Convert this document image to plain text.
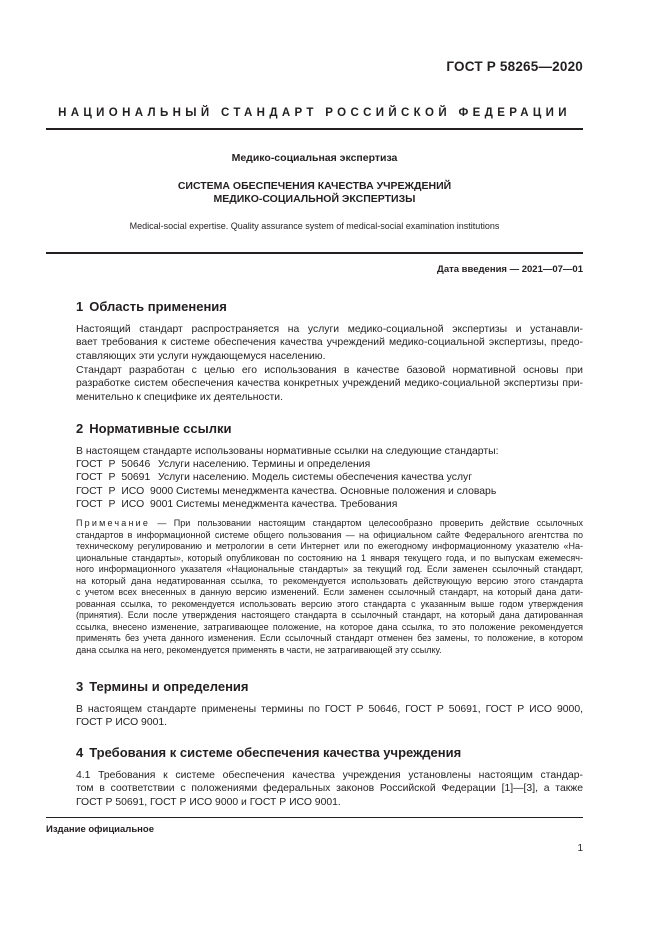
ГОСТ Р 58265—2020
НАЦИОНАЛЬНЫЙ СТАНДАРТ РОССИЙСКОЙ ФЕДЕРАЦИИ
Медико-социальная экспертиза
СИСТЕМА ОБЕСПЕЧЕНИЯ КАЧЕСТВА УЧРЕЖДЕНИЙ
МЕДИКО-СОЦИАЛЬНОЙ ЭКСПЕРТИЗЫ
Medical-social expertise. Quality assurance system of medical-social examination institutions
Дата введения — 2021—07—01
1 Область применения
Настоящий стандарт распространяется на услуги медико-социальной экспертизы и устанавли-
вает требования к системе обеспечения качества учреждений медико-социальной экспертизы, предо-
ставляющих эти услуги нуждающемуся населению.
Стандарт разработан с целью его использования в качестве базовой нормативной основы при
разработке систем обеспечения качества конкретных учреждений медико-социальной экспертизы при-
менительно к специфике их деятельности.
2 Нормативные ссылки
В настоящем стандарте использованы нормативные ссылки на следующие стандарты:
ГОСТ Р 50646 Услуги населению. Термины и определения
ГОСТ Р 50691 Услуги населению. Модель системы обеспечения качества услуг
ГОСТ Р ИСО 9000 Системы менеджмента качества. Основные положения и словарь
ГОСТ Р ИСО 9001 Системы менеджмента качества. Требования
Примечание — При пользовании настоящим стандартом целесообразно проверить действие ссылочных
стандартов в информационной системе общего пользования — на официальном сайте Федерального агентства по
техническому регулированию и метрологии в сети Интернет или по ежегодному информационному указателю «На-
циональные стандарты», который опубликован по состоянию на 1 января текущего года, и по выпускам ежемесяч-
ного информационного указателя «Национальные стандарты» за текущий год. Если заменен ссылочный стандарт,
на который дана недатированная ссылка, то рекомендуется использовать действующую версию этого стандарта
с учетом всех внесенных в данную версию изменений. Если заменен ссылочный стандарт, на который дана дати-
рованная ссылка, то рекомендуется использовать версию этого стандарта с указанным выше годом утверждения
(принятия). Если после утверждения настоящего стандарта в ссылочный стандарт, на который дана датированная
ссылка, внесено изменение, затрагивающее положение, на которое дана ссылка, то это положение рекомендуется
применять без учета данного изменения. Если ссылочный стандарт отменен без замены, то положение, в котором
дана ссылка на него, рекомендуется применять в части, не затрагивающей эту ссылку.
3 Термины и определения
В настоящем стандарте применены термины по ГОСТ Р 50646, ГОСТ Р 50691, ГОСТ Р ИСО 9000,
ГОСТ Р ИСО 9001.
4 Требования к системе обеспечения качества учреждения
4.1 Требования к системе обеспечения качества учреждения установлены настоящим стандар-
том в соответствии с положениями федеральных законов Российской Федерации [1]—[3], а также
ГОСТ Р 50691, ГОСТ Р ИСО 9000 и ГОСТ Р ИСО 9001.
Издание официальное
1
